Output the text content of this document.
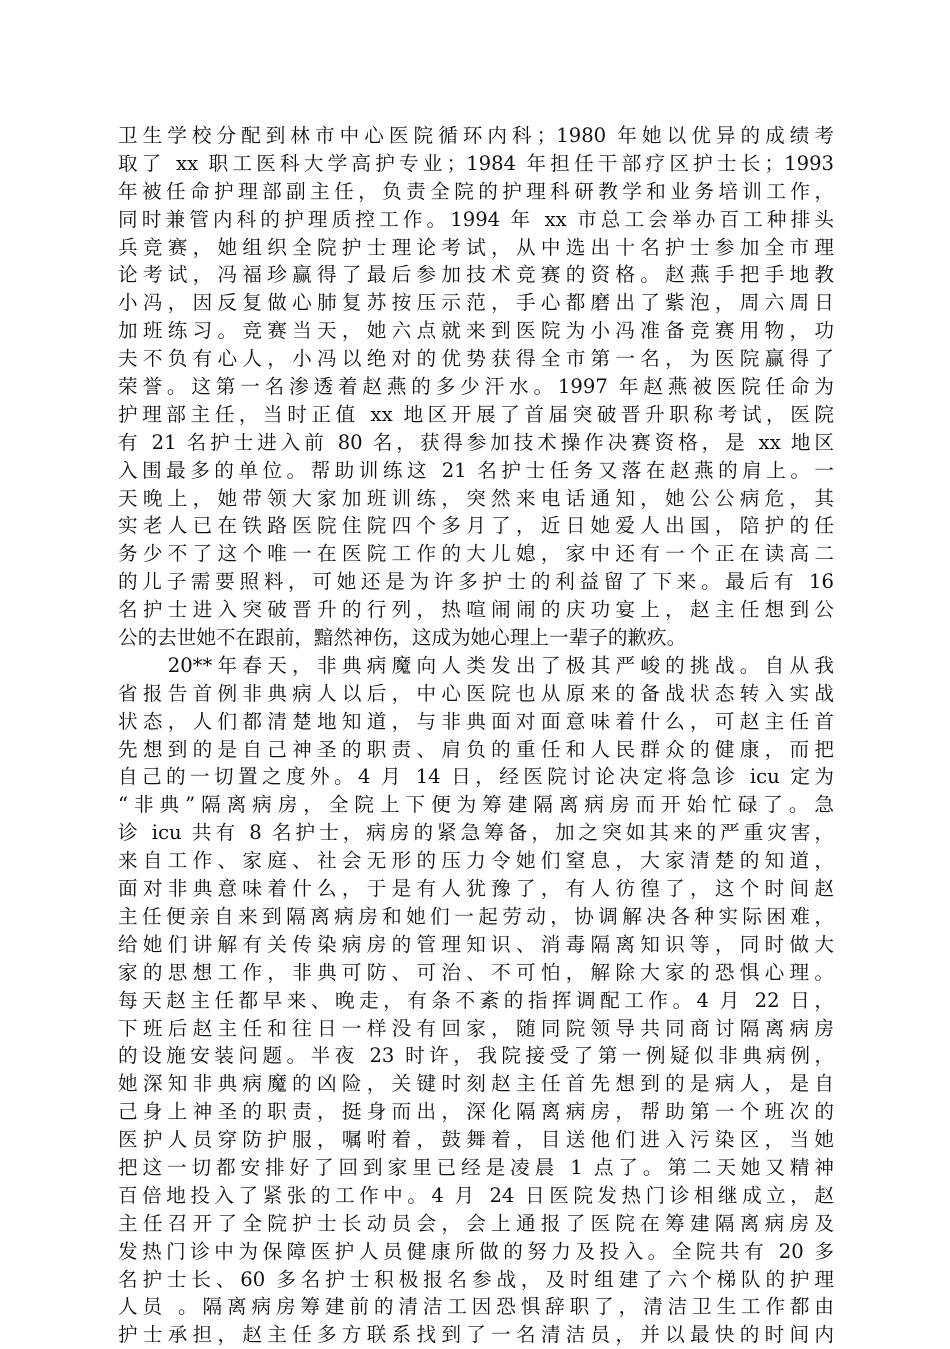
卫生学校分配到林市中心医院循环内科；1980 年她以优异的成绩考
取了 xx 职工医科大学高护专业；1984 年担任干部疗区护士长；1993
年被任命护理部副主任，负责全院的护理科研教学和业务培训工作，
同时兼管内科的护理质控工作。1994 年 xx 市总工会举办百工种排头
兵竞赛，她组织全院护士理论考试，从中选出十名护士参加全市理
论考试，冯福珍赢得了最后参加技术竞赛的资格。赵燕手把手地教
小冯，因反复做心肺复苏按压示范，手心都磨出了紫泡，周六周日
加班练习。竞赛当天，她六点就来到医院为小冯准备竞赛用物，功
夫不负有心人，小冯以绝对的优势获得全市第一名，为医院赢得了
荣誉。这第一名渗透着赵燕的多少汗水。1997 年赵燕被医院任命为
护理部主任，当时正值 xx 地区开展了首届突破晋升职称考试，医院
有 21 名护士进入前 80 名，获得参加技术操作决赛资格，是 xx 地区
入围最多的单位。帮助训练这 21 名护士任务又落在赵燕的肩上。一
天晚上，她带领大家加班训练，突然来电话通知，她公公病危，其
实老人已在铁路医院住院四个多月了，近日她爱人出国，陪护的任
务少不了这个唯一在医院工作的大儿媳，家中还有一个正在读高二
的儿子需要照料，可她还是为许多护士的利益留了下来。最后有 16
名护士进入突破晋升的行列，热喧闹闹的庆功宴上，赵主任想到公
公的去世她不在跟前，黯然神伤，这成为她心理上一辈子的歉疚。
　　20**年春天，非典病魔向人类发出了极其严峻的挑战。自从我
省报告首例非典病人以后，中心医院也从原来的备战状态转入实战
状态，人们都清楚地知道，与非典面对面意味着什么，可赵主任首
先想到的是自己神圣的职责、肩负的重任和人民群众的健康，而把
自己的一切置之度外。4 月 14 日，经医院讨论决定将急诊 icu 定为
“非典”隔离病房，全院上下便为筹建隔离病房而开始忙碌了。急
诊 icu 共有 8 名护士，病房的紧急筹备，加之突如其来的严重灾害，
来自工作、家庭、社会无形的压力令她们窒息，大家清楚的知道，
面对非典意味着什么，于是有人犹豫了，有人彷徨了，这个时间赵
主任便亲自来到隔离病房和她们一起劳动，协调解决各种实际困难，
给她们讲解有关传染病房的管理知识、消毒隔离知识等，同时做大
家的思想工作，非典可防、可治、不可怕，解除大家的恐惧心理。
每天赵主任都早来、晚走，有条不紊的指挥调配工作。4 月 22 日，
下班后赵主任和往日一样没有回家，随同院领导共同商讨隔离病房
的设施安装问题。半夜 23 时许，我院接受了第一例疑似非典病例，
她深知非典病魔的凶险，关键时刻赵主任首先想到的是病人，是自
己身上神圣的职责，挺身而出，深化隔离病房，帮助第一个班次的
医护人员穿防护服，嘱咐着，鼓舞着，目送他们进入污染区，当她
把这一切都安排好了回到家里已经是凌晨 1 点了。第二天她又精神
百倍地投入了紧张的工作中。4 月 24 日医院发热门诊相继成立，赵
主任召开了全院护士长动员会，会上通报了医院在筹建隔离病房及
发热门诊中为保障医护人员健康所做的努力及投入。全院共有 20 多
名护士长、60 多名护士积极报名参战，及时组建了六个梯队的护理
人员 。隔离病房筹建前的清洁工因恐惧辞职了，清洁卫生工作都由
护士承担，赵主任多方联系找到了一名清洁员，并以最快的时间内
